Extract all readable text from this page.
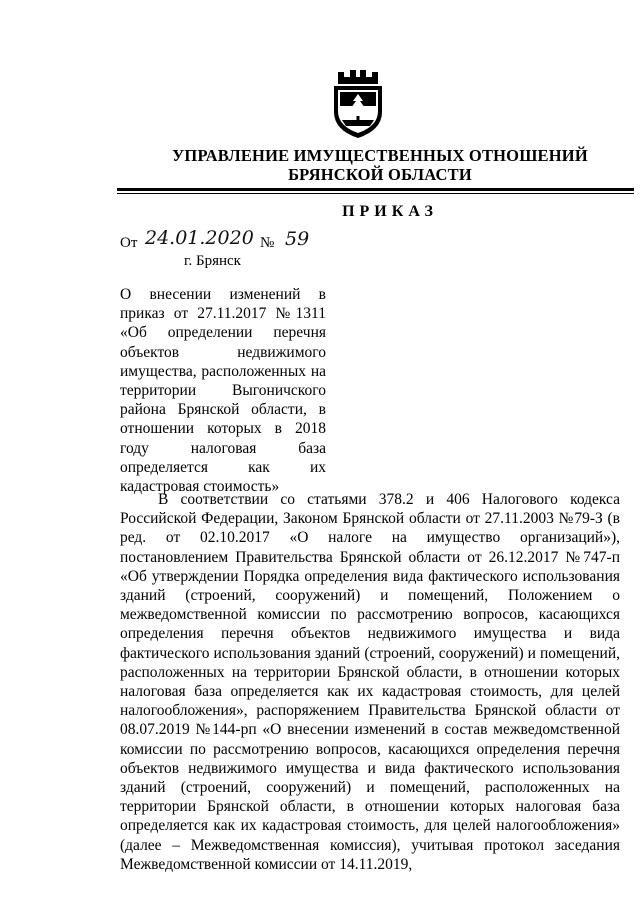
УПРАВЛЕНИЕ ИМУЩЕСТВЕННЫХ ОТНОШЕНИЙ
БРЯНСКОЙ ОБЛАСТИ
ПРИКАЗ
От 24.01.2020 № 59
г. Брянск
О внесении изменений в приказ от 27.11.2017 №1311 «Об определении перечня объектов недвижимого имущества, расположенных на территории Выгоничского района Брянской области, в отношении которых в 2018 году налоговая база определяется как их кадастровая стоимость»

В соответствии со статьями 378.2 и 406 Налогового кодекса Российской Федерации, Законом Брянской области от 27.11.2003 №79-З (в ред. от 02.10.2017 «О налоге на имущество организаций»), постановлением Правительства Брянской области от 26.12.2017 №747-п «Об утверждении Порядка определения вида фактического использования зданий (строений, сооружений) и помещений, Положением о межведомственной комиссии по рассмотрению вопросов, касающихся определения перечня объектов недвижимого имущества и вида фактического использования зданий (строений, сооружений) и помещений, расположенных на территории Брянской области, в отношении которых налоговая база определяется как их кадастровая стоимость, для целей налогообложения», распоряжением Правительства Брянской области от 08.07.2019 №144-рп «О внесении изменений в состав межведомственной комиссии по рассмотрению вопросов, касающихся определения перечня объектов недвижимого имущества и вида фактического использования зданий (строений, сооружений) и помещений, расположенных на территории Брянской области, в отношении которых налоговая база определяется как их кадастровая стоимость, для целей налогообложения» (далее – Межведомственная комиссия), учитывая протокол заседания Межведомственной комиссии от 14.11.2019,
